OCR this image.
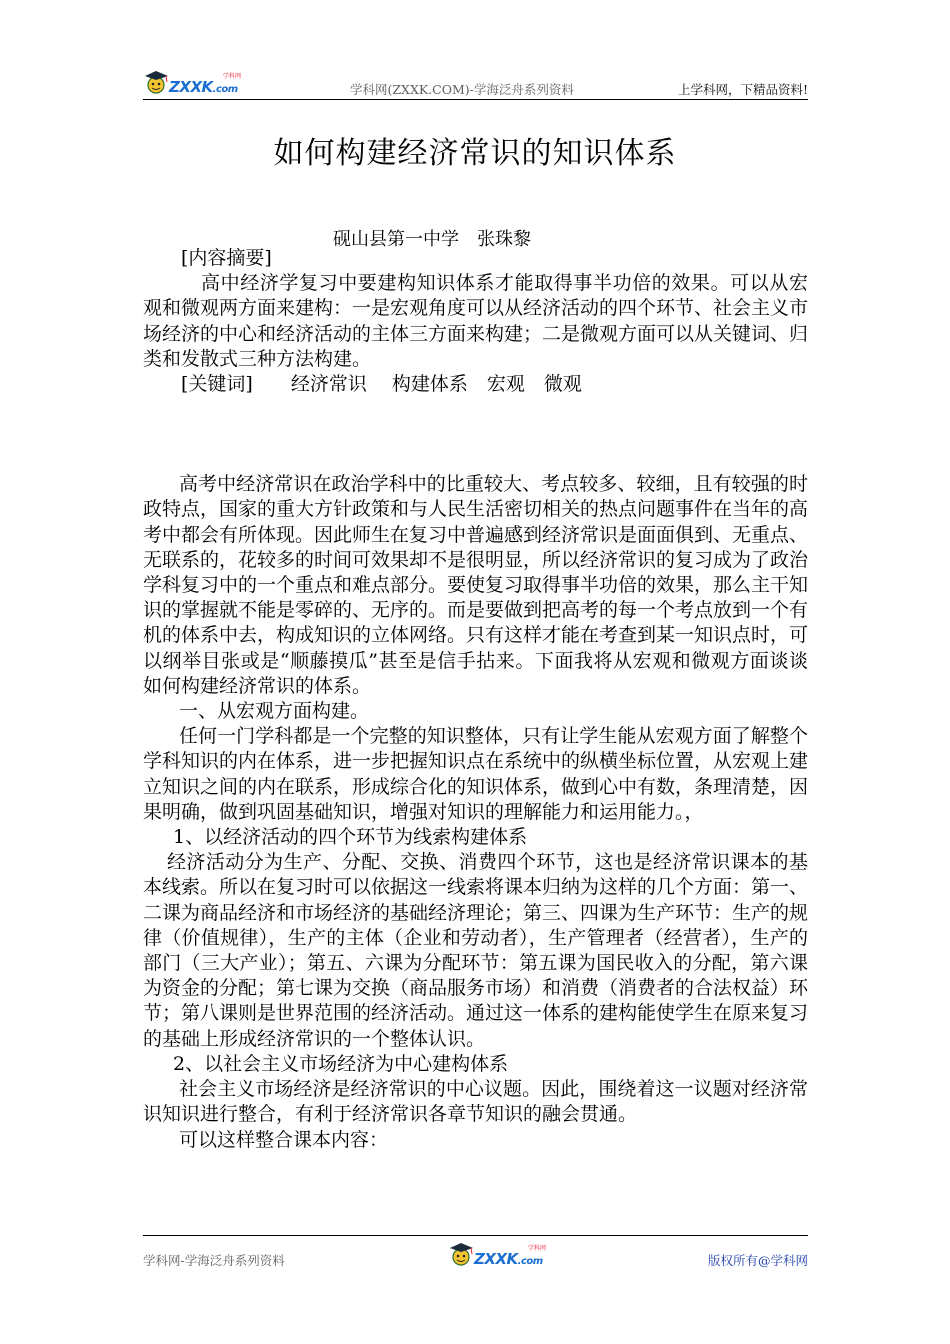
ZXXK.com
学科网
学科网(ZXXK.COM)-学海泛舟系列资料	上学科网，下精品资料!
如何构建经济常识的知识体系
砚山县第一中学　张珠黎

[内容摘要]

高中经济学复习中要建构知识体系才能取得事半功倍的效果。可以从宏观和微观两方面来建构：一是宏观角度可以从经济活动的四个环节、社会主义市场经济的中心和经济活动的主体三方面来构建；二是微观方面可以从关键词、归类和发散式三种方法构建。

[关键词]　　经济常识　 构建体系　宏观　微观

高考中经济常识在政治学科中的比重较大、考点较多、较细，且有较强的时政特点，国家的重大方针政策和与人民生活密切相关的热点问题事件在当年的高考中都会有所体现。因此师生在复习中普遍感到经济常识是面面俱到、无重点、无联系的，花较多的时间可效果却不是很明显，所以经济常识的复习成为了政治学科复习中的一个重点和难点部分。要使复习取得事半功倍的效果，那么主干知识的掌握就不能是零碎的、无序的。而是要做到把高考的每一个考点放到一个有机的体系中去，构成知识的立体网络。只有这样才能在考查到某一知识点时，可以纲举目张或是“顺藤摸瓜”甚至是信手拈来。下面我将从宏观和微观方面谈谈如何构建经济常识的体系。

一、从宏观方面构建。

任何一门学科都是一个完整的知识整体，只有让学生能从宏观方面了解整个学科知识的内在体系，进一步把握知识点在系统中的纵横坐标位置，从宏观上建立知识之间的内在联系，形成综合化的知识体系，做到心中有数，条理清楚，因果明确，做到巩固基础知识，增强对知识的理解能力和运用能力。，

1、以经济活动的四个环节为线索构建体系

经济活动分为生产、分配、交换、消费四个环节，这也是经济常识课本的基本线索。所以在复习时可以依据这一线索将课本归纳为这样的几个方面：第一、二课为商品经济和市场经济的基础经济理论；第三、四课为生产环节：生产的规律（价值规律），生产的主体（企业和劳动者），生产管理者（经营者），生产的部门（三大产业）；第五、六课为分配环节：第五课为国民收入的分配，第六课为资金的分配；第七课为交换（商品服务市场）和消费（消费者的合法权益）环节；第八课则是世界范围的经济活动。通过这一体系的建构能使学生在原来复习的基础上形成经济常识的一个整体认识。

2、以社会主义市场经济为中心建构体系

社会主义市场经济是经济常识的中心议题。因此，围绕着这一议题对经济常识知识进行整合，有利于经济常识各章节知识的融会贯通。

可以这样整合课本内容：

学科网-学海泛舟系列资料	ZXXK.com
学科网
版权所有@学科网
